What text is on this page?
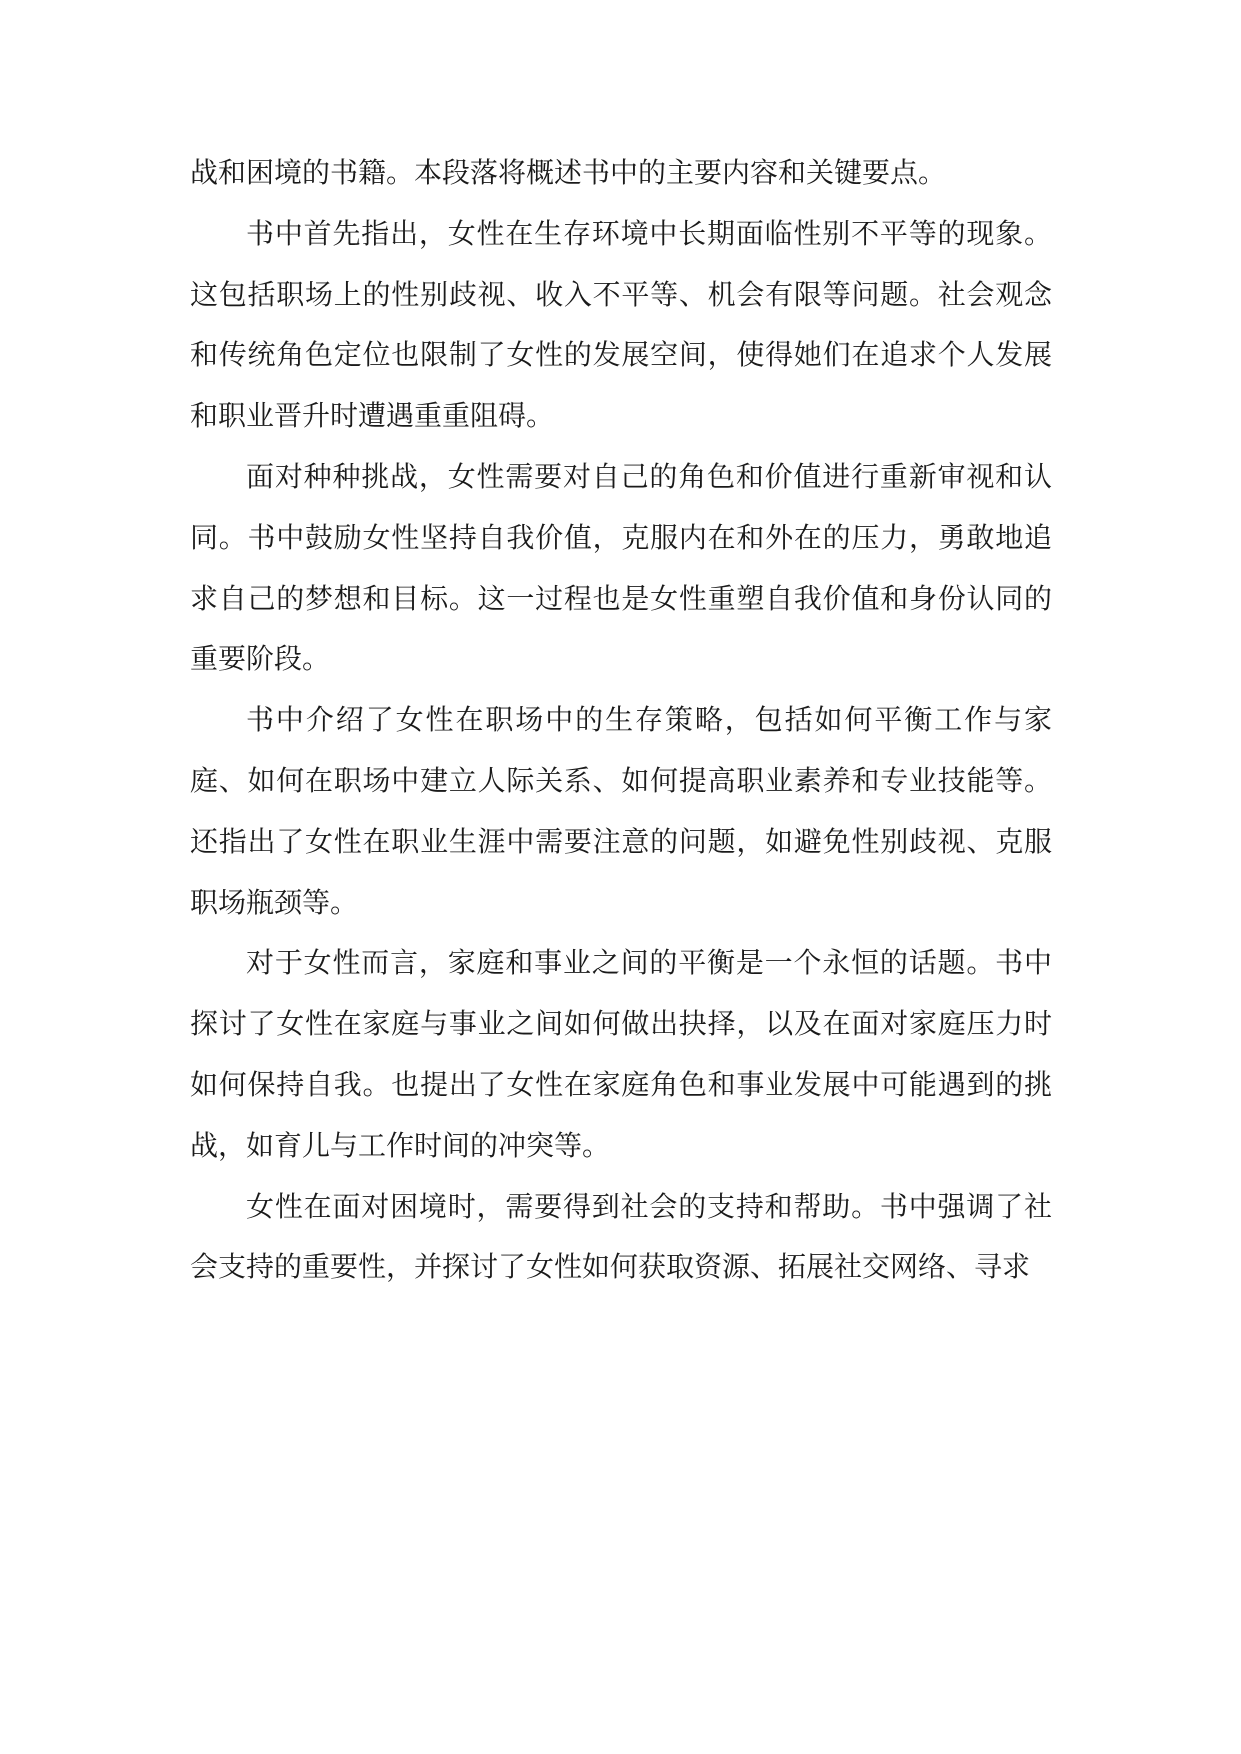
战和困境的书籍。本段落将概述书中的主要内容和关键要点。

书中首先指出，女性在生存环境中长期面临性别不平等的现象。这包括职场上的性别歧视、收入不平等、机会有限等问题。社会观念和传统角色定位也限制了女性的发展空间，使得她们在追求个人发展和职业晋升时遭遇重重阻碍。

面对种种挑战，女性需要对自己的角色和价值进行重新审视和认同。书中鼓励女性坚持自我价值，克服内在和外在的压力，勇敢地追求自己的梦想和目标。这一过程也是女性重塑自我价值和身份认同的重要阶段。

书中介绍了女性在职场中的生存策略，包括如何平衡工作与家庭、如何在职场中建立人际关系、如何提高职业素养和专业技能等。还指出了女性在职业生涯中需要注意的问题，如避免性别歧视、克服职场瓶颈等。

对于女性而言，家庭和事业之间的平衡是一个永恒的话题。书中探讨了女性在家庭与事业之间如何做出抉择，以及在面对家庭压力时如何保持自我。也提出了女性在家庭角色和事业发展中可能遇到的挑战，如育儿与工作时间的冲突等。

女性在面对困境时，需要得到社会的支持和帮助。书中强调了社会支持的重要性，并探讨了女性如何获取资源、拓展社交网络、寻求
